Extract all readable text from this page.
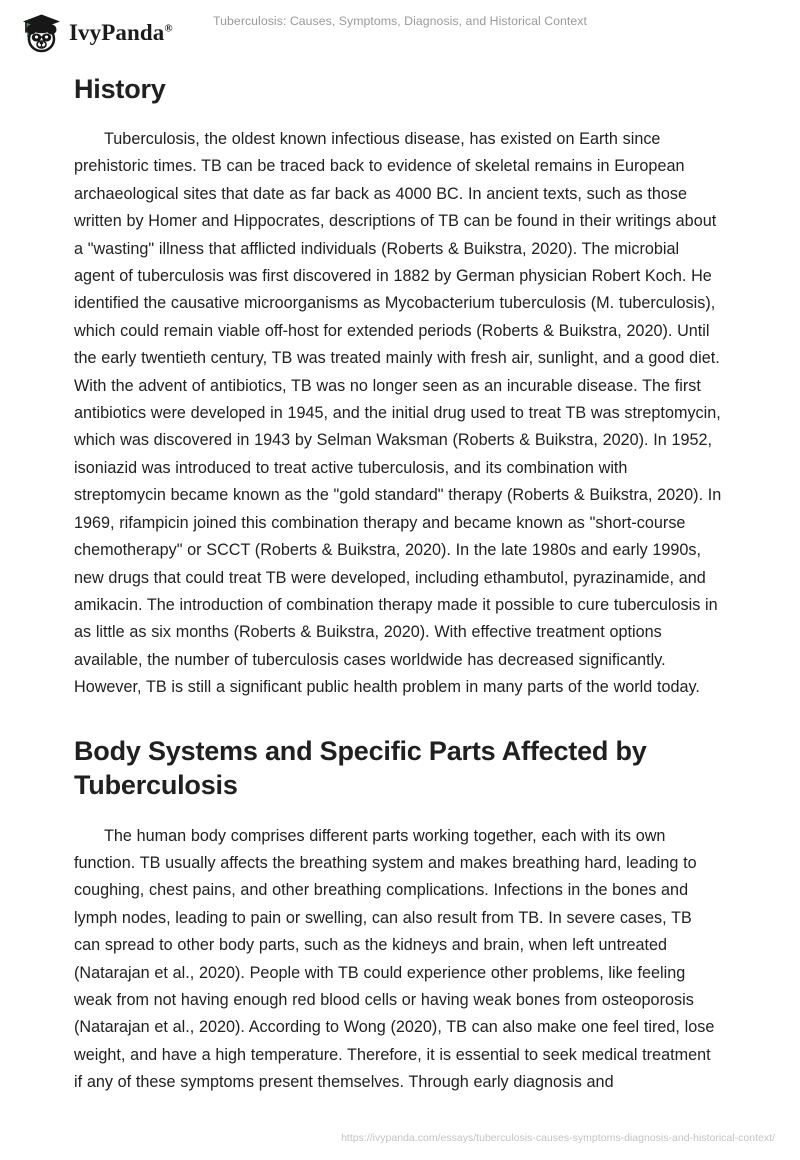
IvyPanda®	Tuberculosis: Causes, Symptoms, Diagnosis, and Historical Context
History

Tuberculosis, the oldest known infectious disease, has existed on Earth since prehistoric times. TB can be traced back to evidence of skeletal remains in European archaeological sites that date as far back as 4000 BC. In ancient texts, such as those written by Homer and Hippocrates, descriptions of TB can be found in their writings about a "wasting" illness that afflicted individuals (Roberts & Buikstra, 2020). The microbial agent of tuberculosis was first discovered in 1882 by German physician Robert Koch. He identified the causative microorganisms as Mycobacterium tuberculosis (M. tuberculosis), which could remain viable off-host for extended periods (Roberts & Buikstra, 2020). Until the early twentieth century, TB was treated mainly with fresh air, sunlight, and a good diet. With the advent of antibiotics, TB was no longer seen as an incurable disease. The first antibiotics were developed in 1945, and the initial drug used to treat TB was streptomycin, which was discovered in 1943 by Selman Waksman (Roberts & Buikstra, 2020). In 1952, isoniazid was introduced to treat active tuberculosis, and its combination with streptomycin became known as the "gold standard" therapy (Roberts & Buikstra, 2020). In 1969, rifampicin joined this combination therapy and became known as "short-course chemotherapy" or SCCT (Roberts & Buikstra, 2020). In the late 1980s and early 1990s, new drugs that could treat TB were developed, including ethambutol, pyrazinamide, and amikacin. The introduction of combination therapy made it possible to cure tuberculosis in as little as six months (Roberts & Buikstra, 2020). With effective treatment options available, the number of tuberculosis cases worldwide has decreased significantly. However, TB is still a significant public health problem in many parts of the world today.

Body Systems and Specific Parts Affected by Tuberculosis

The human body comprises different parts working together, each with its own function. TB usually affects the breathing system and makes breathing hard, leading to coughing, chest pains, and other breathing complications. Infections in the bones and lymph nodes, leading to pain or swelling, can also result from TB. In severe cases, TB can spread to other body parts, such as the kidneys and brain, when left untreated (Natarajan et al., 2020). People with TB could experience other problems, like feeling weak from not having enough red blood cells or having weak bones from osteoporosis (Natarajan et al., 2020). According to Wong (2020), TB can also make one feel tired, lose weight, and have a high temperature. Therefore, it is essential to seek medical treatment if any of these symptoms present themselves. Through early diagnosis and

https://ivypanda.com/essays/tuberculosis-causes-symptoms-diagnosis-and-historical-context/
